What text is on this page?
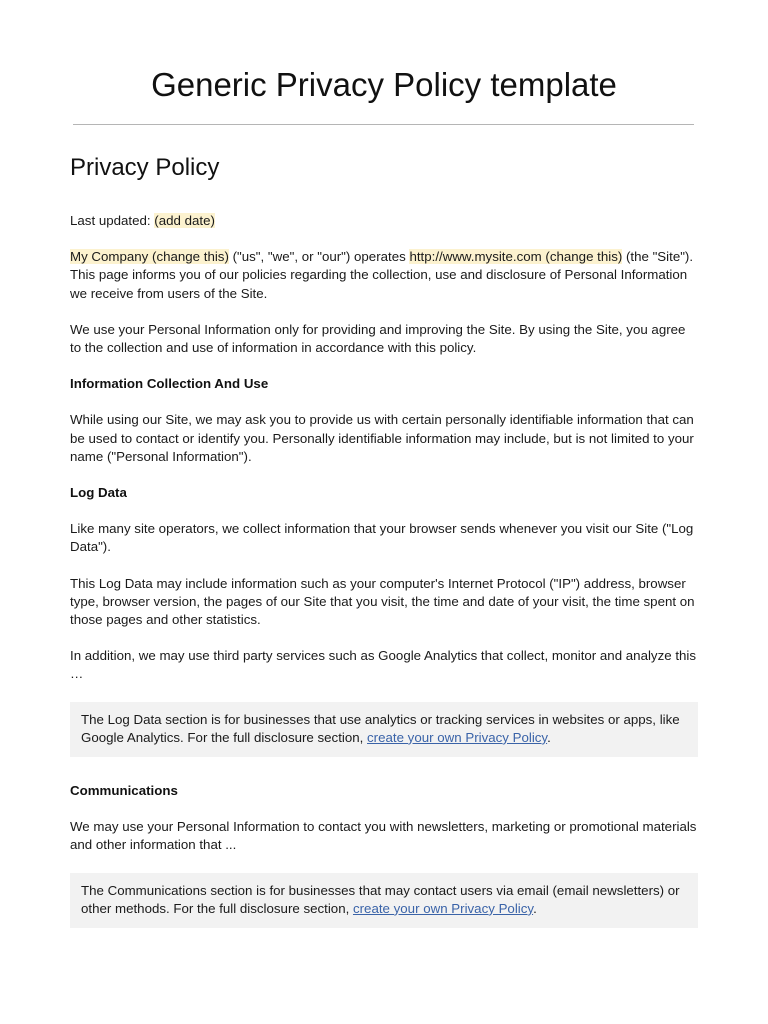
Generic Privacy Policy template
Privacy Policy

Last updated: (add date)

My Company (change this) ("us", "we", or "our") operates http://www.mysite.com (change this) (the "Site"). This page informs you of our policies regarding the collection, use and disclosure of Personal Information we receive from users of the Site.

We use your Personal Information only for providing and improving the Site. By using the Site, you agree to the collection and use of information in accordance with this policy.

Information Collection And Use

While using our Site, we may ask you to provide us with certain personally identifiable information that can be used to contact or identify you. Personally identifiable information may include, but is not limited to your name ("Personal Information").

Log Data

Like many site operators, we collect information that your browser sends whenever you visit our Site ("Log Data").

This Log Data may include information such as your computer's Internet Protocol ("IP") address, browser type, browser version, the pages of our Site that you visit, the time and date of your visit, the time spent on those pages and other statistics.

In addition, we may use third party services such as Google Analytics that collect, monitor and analyze this …

The Log Data section is for businesses that use analytics or tracking services in websites or apps, like Google Analytics. For the full disclosure section, create your own Privacy Policy.
Communications

We may use your Personal Information to contact you with newsletters, marketing or promotional materials and other information that ...

The Communications section is for businesses that may contact users via email (email newsletters) or other methods. For the full disclosure section, create your own Privacy Policy.
